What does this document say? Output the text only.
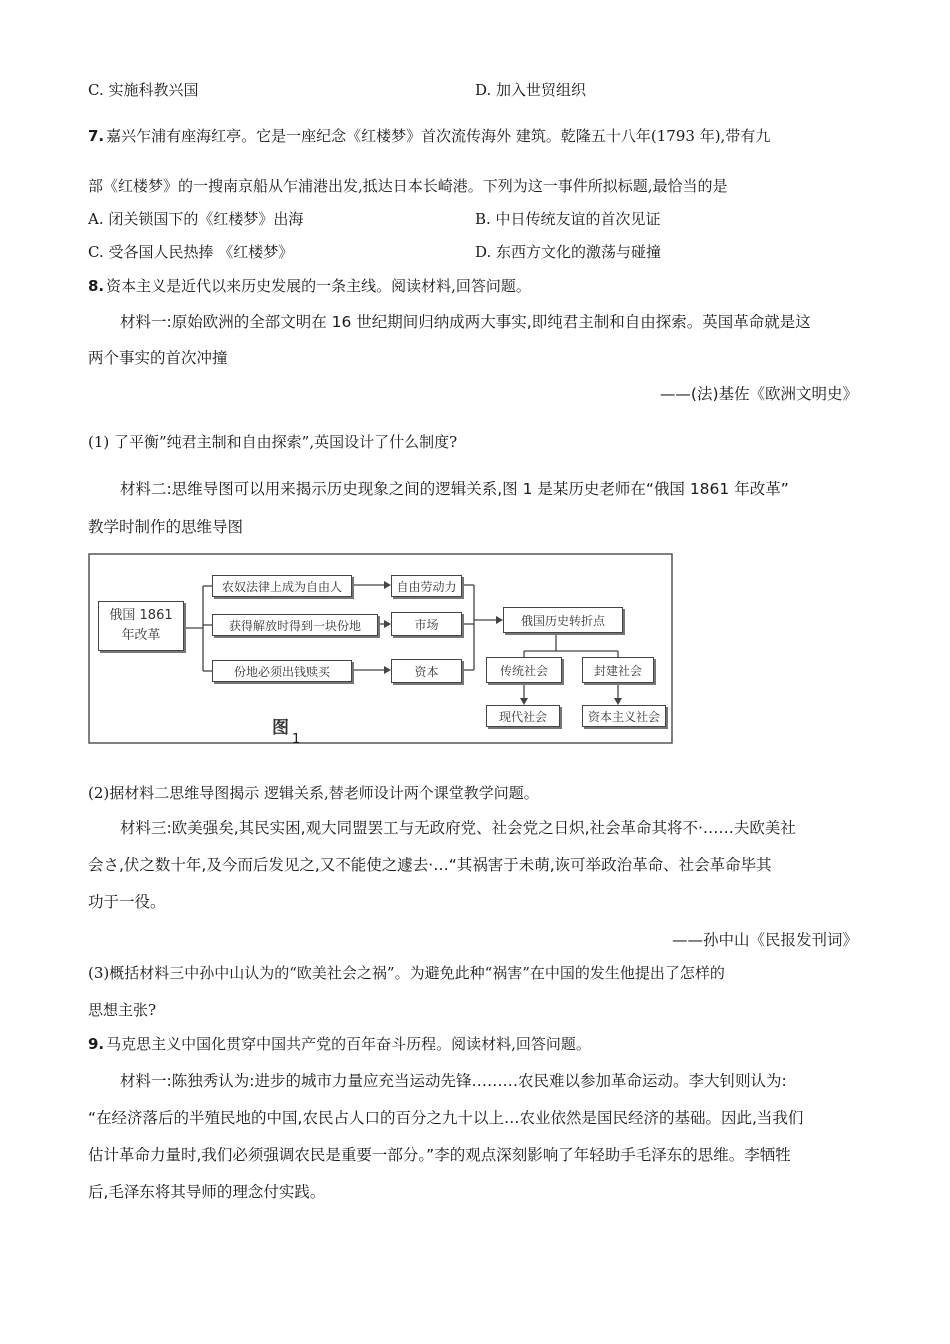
C. 实施科教兴国	D. 加入世贸组织
7. 嘉兴乍浦有座海红亭。它是一座纪念《红楼梦》首次流传海外 建筑。乾隆五十八年(1793 年),带有九
部《红楼梦》的一搜南京船从乍浦港出发,抵达日本长崎港。下列为这一事件所拟标题,最恰当的是
A. 闭关锁国下的《红楼梦》出海	B. 中日传统友谊的首次见证
C. 受各国人民热捧 《红楼梦》	D. 东西方文化的激荡与碰撞
8. 资本主义是近代以来历史发展的一条主线。阅读材料,回答问题。
材料一:原始欧洲的全部文明在 16 世纪期间归纳成两大事实,即纯君主制和自由探索。英国革命就是这
两个事实的首次冲撞
——(法)基佐《欧洲文明史》
(1) 了平衡”纯君主制和自由探索”,英国设计了什么制度?
材料二:思维导图可以用来揭示历史现象之间的逻辑关系,图 1 是某历史老师在“俄国 1861 年改革”
教学时制作的思维导图
俄国 1861
年改革
农奴法律上成为自由人
获得解放时得到一块份地
份地必须出钱赎买
自由劳动力
市场
资本
俄国历史转折点
传统社会	封建社会
现代社会	资本主义社会
图
1
(2)据材料二思维导图揭示 逻辑关系,替老师设计两个课堂教学问题。
材料三:欧美强矣,其民实困,观大同盟罢工与无政府党、社会党之日炽,社会革命其将不·……夫欧美社
会さ,伏之数十年,及今而后发见之,又不能使之遽去·…“其祸害于未萌,诙可举政治革命、社会革命毕其
功于一役。
——孙中山《民报发刊词》
(3)概括材料三中孙中山认为的“欧美社会之祸”。为避免此种“祸害”在中国的发生他提出了怎样的
思想主张?
9. 马克思主义中国化贯穿中国共产党的百年奋斗历程。阅读材料,回答问题。
材料一:陈独秀认为:进步的城市力量应充当运动先锋………农民难以参加革命运动。李大钊则认为:
“在经济落后的半殖民地的中国,农民占人口的百分之九十以上…农业依然是国民经济的基础。因此,当我们
估计革命力量时,我们必须强调农民是重要一部分。”李的观点深刻影响了年轻助手毛泽东的思维。李牺牲
后,毛泽东将其导师的理念付实践。
